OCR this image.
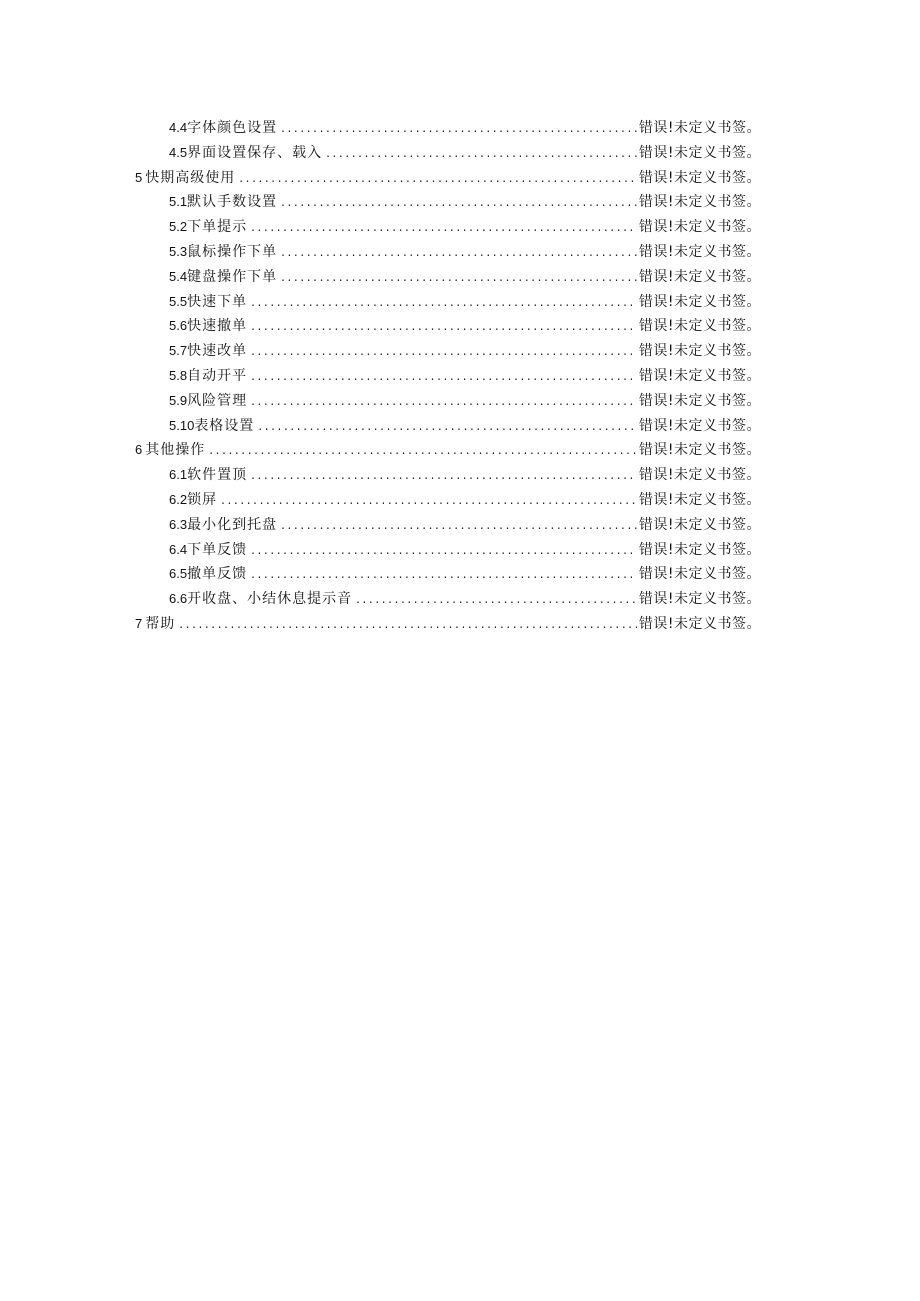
4.4 字体颜色设置 .....	错误!未定义书签。
4.5 界面设置保存、载入 .....	错误!未定义书签。
5 快期高级使用 .....	错误!未定义书签。
5.1 默认手数设置 .....	错误!未定义书签。
5.2 下单提示 .....	错误!未定义书签。
5.3 鼠标操作下单 .....	错误!未定义书签。
5.4 键盘操作下单 .....	错误!未定义书签。
5.5 快速下单 .....	错误!未定义书签。
5.6 快速撤单 .....	错误!未定义书签。
5.7 快速改单 .....	错误!未定义书签。
5.8 自动开平 .....	错误!未定义书签。
5.9 风险管理 .....	错误!未定义书签。
5.10 表格设置 .....	错误!未定义书签。
6 其他操作 .....	错误!未定义书签。
6.1 软件置顶 .....	错误!未定义书签。
6.2 锁屏 .....	错误!未定义书签。
6.3 最小化到托盘 .....	错误!未定义书签。
6.4 下单反馈 .....	错误!未定义书签。
6.5 撤单反馈 .....	错误!未定义书签。
6.6 开收盘、小结休息提示音 .....	错误!未定义书签。
7 帮助 .....	错误!未定义书签。
